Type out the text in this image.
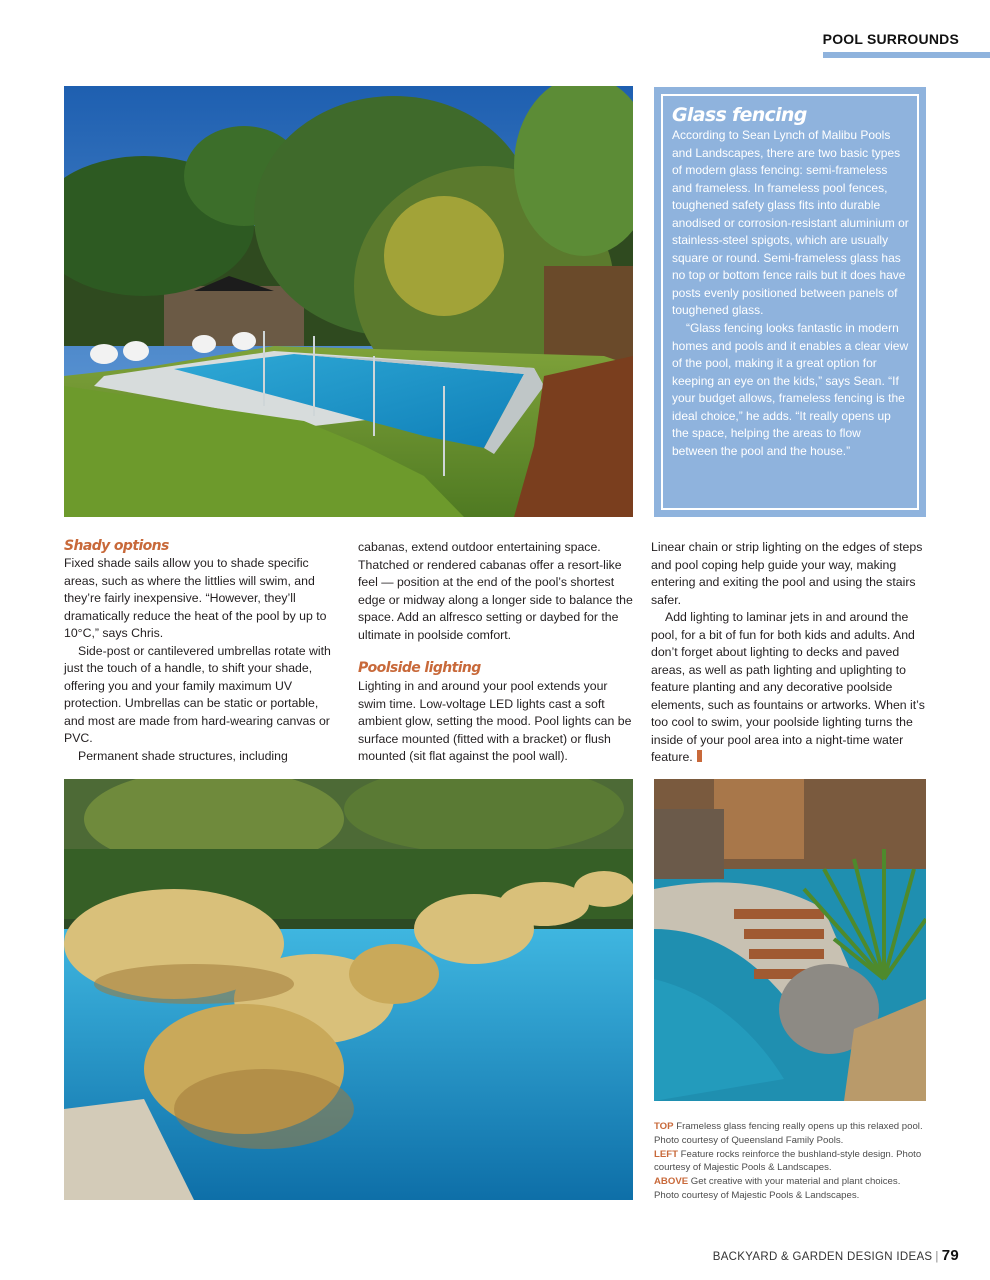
POOL SURROUNDS
Glass fencing

According to Sean Lynch of Malibu Pools and Landscapes, there are two basic types of modern glass fencing: semi-frameless and frameless. In frameless pool fences, toughened safety glass fits into durable anodised or corrosion-resistant aluminium or stainless-steel spigots, which are usually square or round. Semi-frameless glass has no top or bottom fence rails but it does have posts evenly positioned between panels of toughened glass.

“Glass fencing looks fantastic in modern homes and pools and it enables a clear view of the pool, making it a great option for keeping an eye on the kids,” says Sean. “If your budget allows, frameless fencing is the ideal choice,” he adds. “It really opens up the space, helping the areas to flow between the pool and the house.”

Shady options

Fixed shade sails allow you to shade specific areas, such as where the littlies will swim, and they’re fairly inexpensive. “However, they’ll dramatically reduce the heat of the pool by up to 10°C,” says Chris.

Side-post or cantilevered umbrellas rotate with just the touch of a handle, to shift your shade, offering you and your family maximum UV protection. Umbrellas can be static or portable, and most are made from hard-wearing canvas or PVC.

Permanent shade structures, including

cabanas, extend outdoor entertaining space. Thatched or rendered cabanas offer a resort-like feel — position at the end of the pool’s shortest edge or midway along a longer side to balance the space. Add an alfresco setting or daybed for the ultimate in poolside comfort.

Poolside lighting

Lighting in and around your pool extends your swim time. Low-voltage LED lights cast a soft ambient glow, setting the mood. Pool lights can be surface mounted (fitted with a bracket) or flush mounted (sit flat against the pool wall).

Linear chain or strip lighting on the edges of steps and pool coping help guide your way, making entering and exiting the pool and using the stairs safer.

Add lighting to laminar jets in and around the pool, for a bit of fun for both kids and adults. And don’t forget about lighting to decks and paved areas, as well as path lighting and uplighting to feature planting and any decorative poolside elements, such as fountains or artworks. When it’s too cool to swim, your poolside lighting turns the inside of your pool area into a night-time water feature.

TOP Frameless glass fencing really opens up this relaxed pool. Photo courtesy of Queensland Family Pools.
LEFT Feature rocks reinforce the bushland-style design. Photo courtesy of Majestic Pools & Landscapes.
ABOVE Get creative with your material and plant choices. Photo courtesy of Majestic Pools & Landscapes.
BACKYARD & GARDEN DESIGN IDEAS | 79
